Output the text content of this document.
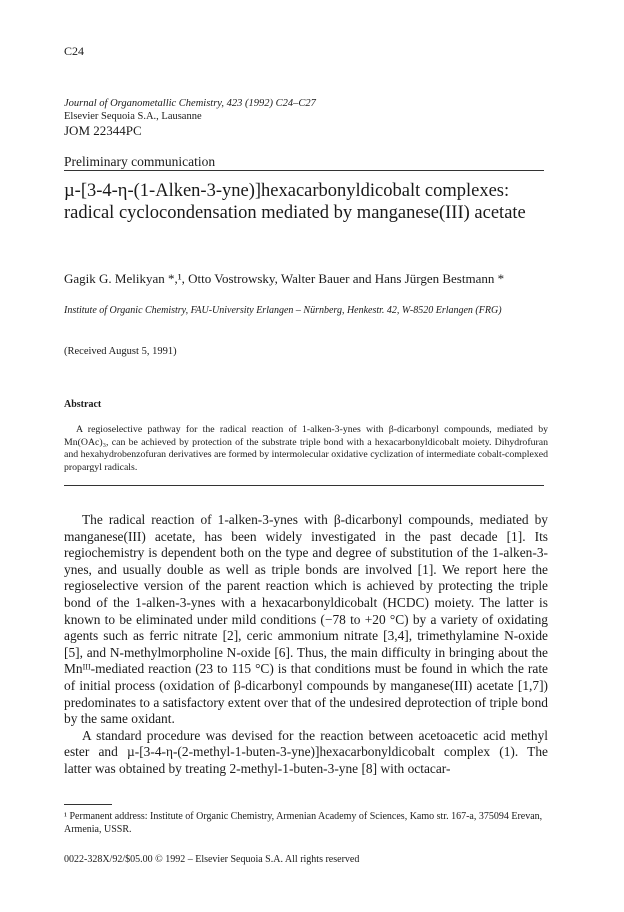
C24
Journal of Organometallic Chemistry, 423 (1992) C24–C27
Elsevier Sequoia S.A., Lausanne
JOM 22344PC
Preliminary communication
µ-[3-4-η-(1-Alken-3-yne)]hexacarbonyldicobalt complexes: radical cyclocondensation mediated by manganese(III) acetate
Gagik G. Melikyan *,¹, Otto Vostrowsky, Walter Bauer and Hans Jürgen Bestmann *
Institute of Organic Chemistry, FAU-University Erlangen – Nürnberg, Henkestr. 42, W-8520 Erlangen (FRG)
(Received August 5, 1991)
Abstract

A regioselective pathway for the radical reaction of 1-alken-3-ynes with β-dicarbonyl compounds, mediated by Mn(OAc)₃, can be achieved by protection of the substrate triple bond with a hexacarbonyldicobalt moiety. Dihydrofuran and hexahydrobenzofuran derivatives are formed by intermolecular oxidative cyclization of intermediate cobalt-complexed propargyl radicals.

The radical reaction of 1-alken-3-ynes with β-dicarbonyl compounds, mediated by manganese(III) acetate, has been widely investigated in the past decade [1]. Its regiochemistry is dependent both on the type and degree of substitution of the 1-alken-3-ynes, and usually double as well as triple bonds are involved [1]. We report here the regioselective version of the parent reaction which is achieved by protecting the triple bond of the 1-alken-3-ynes with a hexacarbonyldicobalt (HCDC) moiety. The latter is known to be eliminated under mild conditions (−78 to +20 °C) by a variety of oxidating agents such as ferric nitrate [2], ceric ammonium nitrate [3,4], trimethylamine N-oxide [5], and N-methylmorpholine N-oxide [6]. Thus, the main difficulty in bringing about the Mnᴵᴵᴵ-mediated reaction (23 to 115 °C) is that conditions must be found in which the rate of initial process (oxidation of β-dicarbonyl compounds by manganese(III) acetate [1,7]) predominates to a satisfactory extent over that of the undesired deprotection of triple bond by the same oxidant.

A standard procedure was devised for the reaction between acetoacetic acid methyl ester and µ-[3-4-η-(2-methyl-1-buten-3-yne)]hexacarbonyldicobalt complex (1). The latter was obtained by treating 2-methyl-1-buten-3-yne [8] with octacar-

¹ Permanent address: Institute of Organic Chemistry, Armenian Academy of Sciences, Kamo str. 167-a, 375094 Erevan, Armenia, USSR.
0022-328X/92/$05.00 © 1992 – Elsevier Sequoia S.A. All rights reserved
